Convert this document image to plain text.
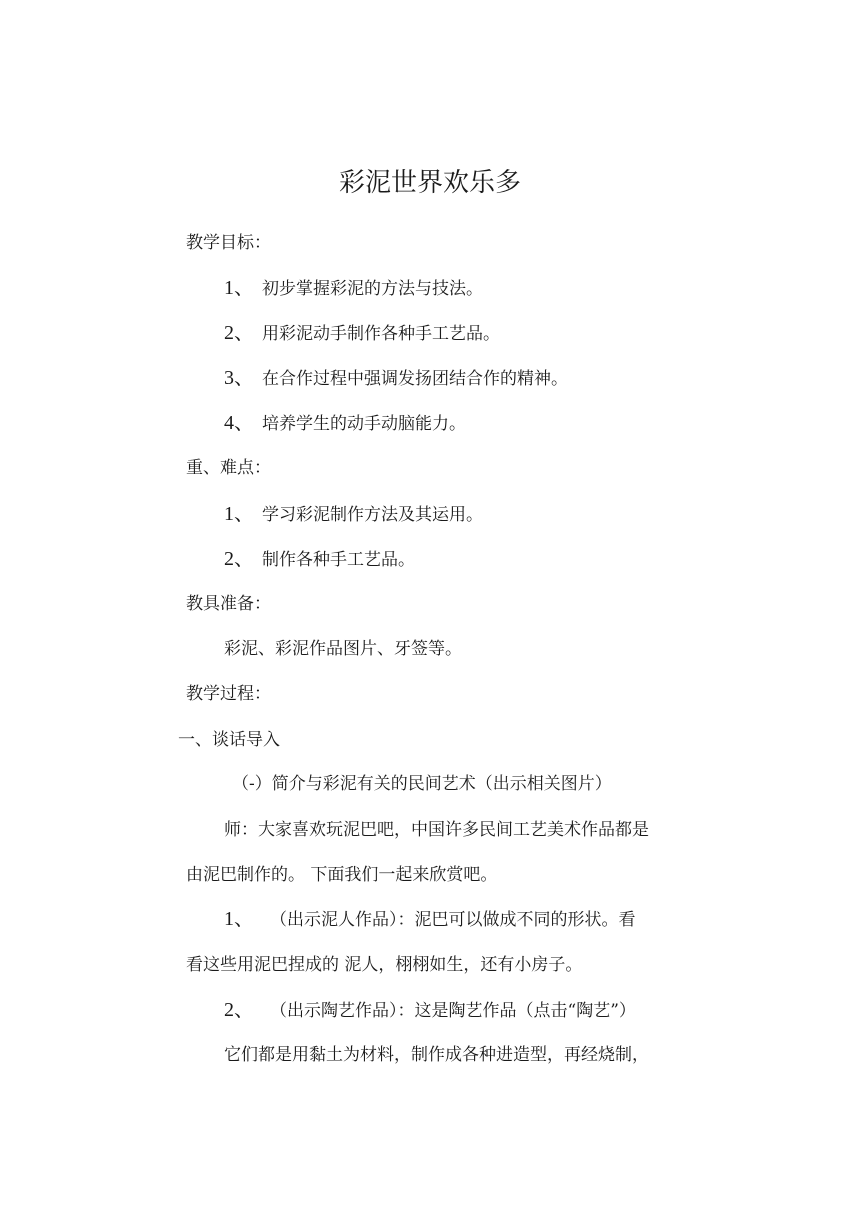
彩泥世界欢乐多
教学目标：
1、 初步掌握彩泥的方法与技法。
2、 用彩泥动手制作各种手工艺品。
3、 在合作过程中强调发扬团结合作的精神。
4、 培养学生的动手动脑能力。
重、难点：
1、 学习彩泥制作方法及其运用。
2、 制作各种手工艺品。
教具准备：
彩泥、彩泥作品图片、牙签等。
教学过程：
一、谈话导入
（-）简介与彩泥有关的民间艺术（出示相关图片）
师：大家喜欢玩泥巴吧，中国许多民间工艺美术作品都是
由泥巴制作的。 下面我们一起来欣赏吧。
1、 （出示泥人作品）：泥巴可以做成不同的形状。看
看这些用泥巴捏成的 泥人，栩栩如生，还有小房子。
2、 （出示陶艺作品）：这是陶艺作品（点击“陶艺”）
它们都是用黏土为材料，制作成各种进造型，再经烧制，
